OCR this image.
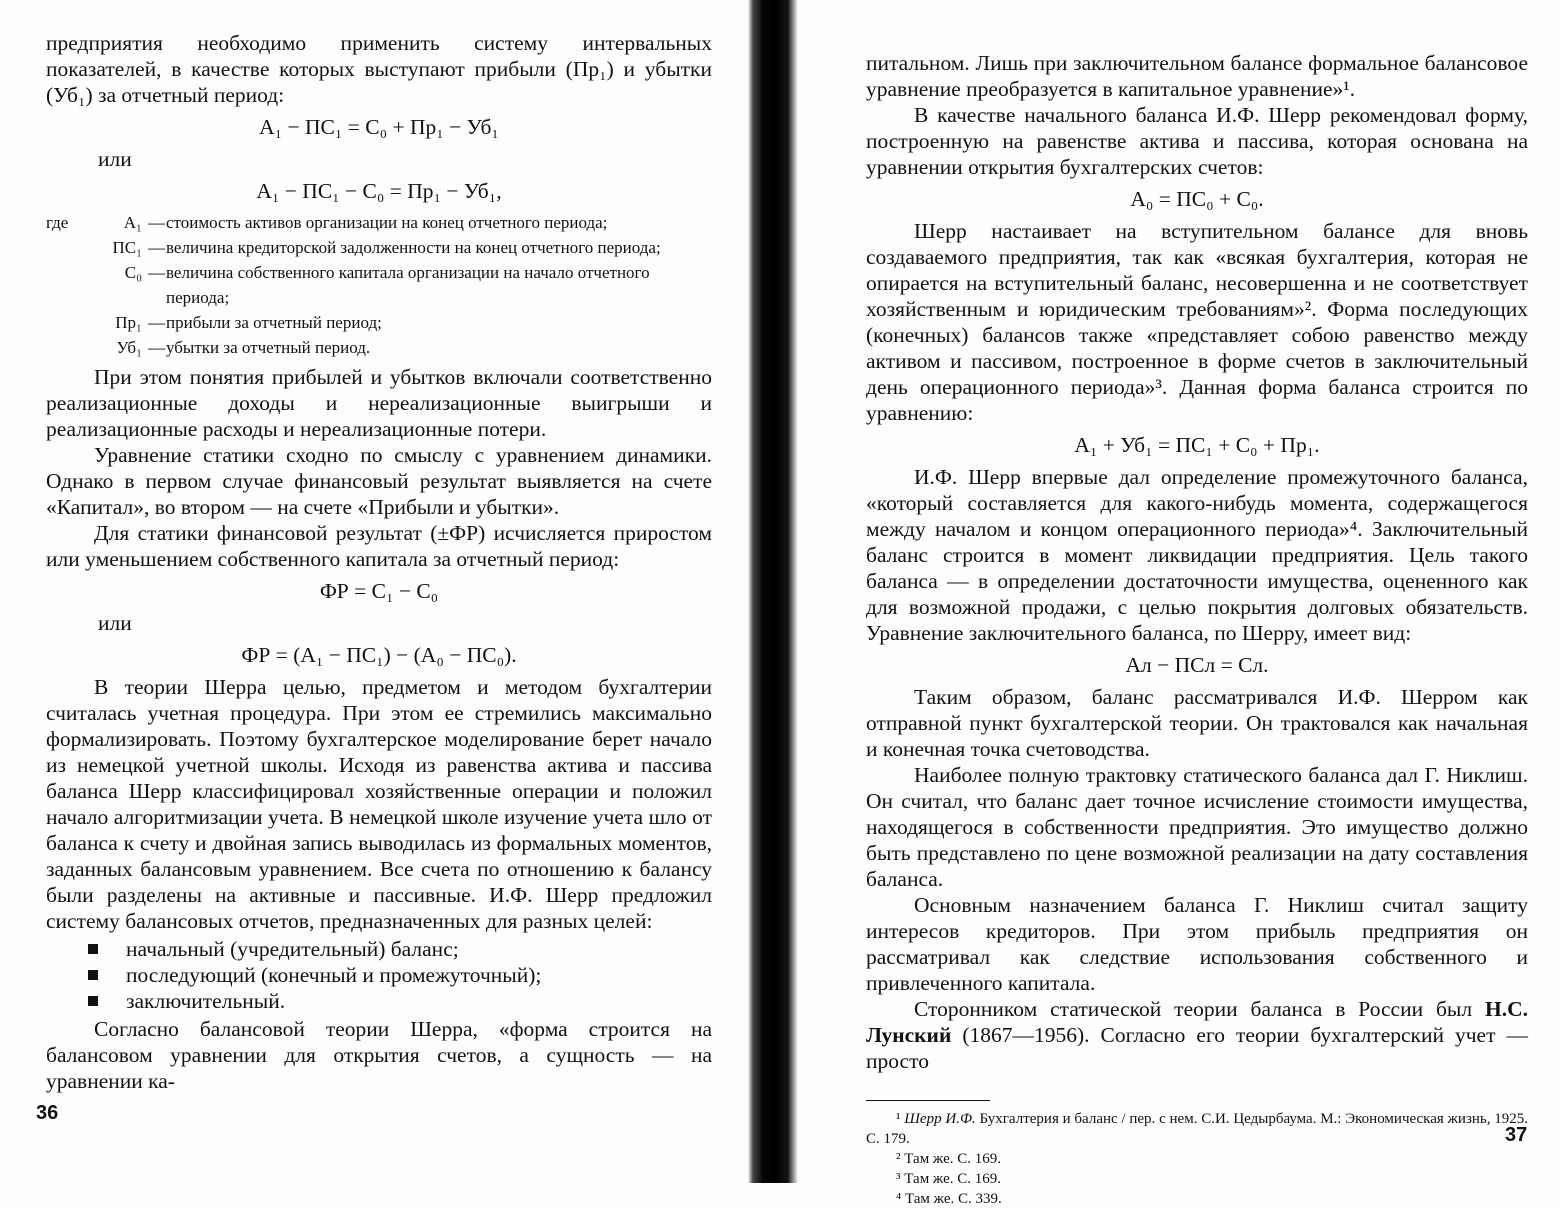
предприятия необходимо применить систему интервальных показателей, в качестве которых выступают прибыли (Пр₁) и убытки (Уб₁) за отчетный период:

А₁ − ПС₁ = С₀ + Пр₁ − Уб₁

или

А₁ − ПС₁ − С₀ = Пр₁ − Уб₁,

где	А₁ — стоимость активов организации на конец отчетного периода;
ПС₁ — величина кредиторской задолженности на конец отчетного периода;
С₀ — величина собственного капитала организации на начало отчетного периода;
Пр₁ — прибыли за отчетный период;
Уб₁ — убытки за отчетный период.

При этом понятия прибылей и убытков включали соответственно реализационные доходы и нереализационные выигрыши и реализационные расходы и нереализационные потери.

Уравнение статики сходно по смыслу с уравнением динамики. Однако в первом случае финансовый результат выявляется на счете «Капитал», во втором — на счете «Прибыли и убытки».

Для статики финансовой результат (±ФР) исчисляется приростом или уменьшением собственного капитала за отчетный период:

ФР = С₁ − С₀

или

ФР = (А₁ − ПС₁) − (А₀ − ПС₀).

В теории Шерра целью, предметом и методом бухгалтерии считалась учетная процедура. При этом ее стремились максимально формализировать. Поэтому бухгалтерское моделирование берет начало из немецкой учетной школы. Исходя из равенства актива и пассива баланса Шерр классифицировал хозяйственные операции и положил начало алгоритмизации учета. В немецкой школе изучение учета шло от баланса к счету и двойная запись выводилась из формальных моментов, заданных балансовым уравнением. Все счета по отношению к балансу были разделены на активные и пассивные. И.Ф. Шерр предложил систему балансовых отчетов, предназначенных для разных целей:

начальный (учредительный) баланс;
последующий (конечный и промежуточный);
заключительный.

Согласно балансовой теории Шерра, «форма строится на балансовом уравнении для открытия счетов, а сущность — на уравнении ка-

36

питальном. Лишь при заключительном балансе формальное балансовое уравнение преобразуется в капитальное уравнение»¹.

В качестве начального баланса И.Ф. Шерр рекомендовал форму, построенную на равенстве актива и пассива, которая основана на уравнении открытия бухгалтерских счетов:

А₀ = ПС₀ + С₀.

Шерр настаивает на вступительном балансе для вновь создаваемого предприятия, так как «всякая бухгалтерия, которая не опирается на вступительный баланс, несовершенна и не соответствует хозяйственным и юридическим требованиям»². Форма последующих (конечных) балансов также «представляет собою равенство между активом и пассивом, построенное в форме счетов в заключительный день операционного периода»³. Данная форма баланса строится по уравнению:

А₁ + Уб₁ = ПС₁ + С₀ + Пр₁.

И.Ф. Шерр впервые дал определение промежуточного баланса, «который составляется для какого-нибудь момента, содержащегося между началом и концом операционного периода»⁴. Заключительный баланс строится в момент ликвидации предприятия. Цель такого баланса — в определении достаточности имущества, оцененного как для возможной продажи, с целью покрытия долговых обязательств. Уравнение заключительного баланса, по Шерру, имеет вид:

Ал − ПСл = Сл.

Таким образом, баланс рассматривался И.Ф. Шерром как отправной пункт бухгалтерской теории. Он трактовался как начальная и конечная точка счетоводства.

Наиболее полную трактовку статического баланса дал Г. Никлиш. Он считал, что баланс дает точное исчисление стоимости имущества, находящегося в собственности предприятия. Это имущество должно быть представлено по цене возможной реализации на дату составления баланса.

Основным назначением баланса Г. Никлиш считал защиту интересов кредиторов. При этом прибыль предприятия он рассматривал как следствие использования собственного и привлеченного капитала.

Сторонником статической теории баланса в России был Н.С. Лунский (1867—1956). Согласно его теории бухгалтерский учет — просто

¹ Шерр И.Ф. Бухгалтерия и баланс / пер. с нем. С.И. Цедырбаума. М.: Экономическая жизнь, 1925. С. 179.

² Там же. С. 169.

³ Там же. С. 169.

⁴ Там же. С. 339.

37
